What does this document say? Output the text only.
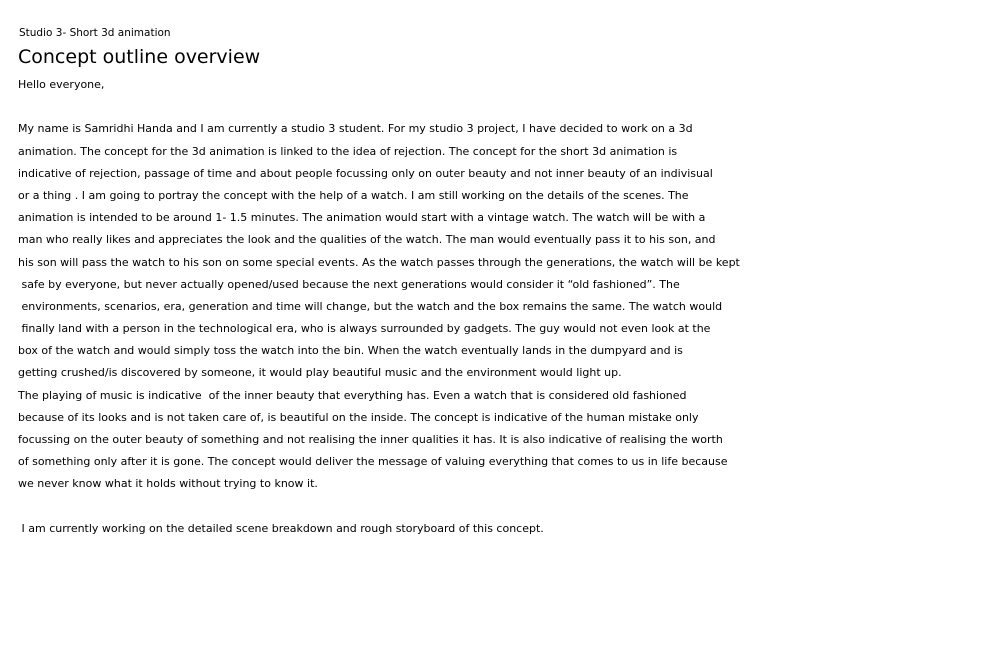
Studio 3- Short 3d animation
Concept outline overview
Hello everyone,
My name is Samridhi Handa and I am currently a studio 3 student. For my studio 3 project, I have decided to work on a 3d
animation. The concept for the 3d animation is linked to the idea of rejection. The concept for the short 3d animation is
indicative of rejection, passage of time and about people focussing only on outer beauty and not inner beauty of an indivisual
or a thing . I am going to portray the concept with the help of a watch. I am still working on the details of the scenes. The
animation is intended to be around 1- 1.5 minutes. The animation would start with a vintage watch. The watch will be with a
man who really likes and appreciates the look and the qualities of the watch. The man would eventually pass it to his son, and
his son will pass the watch to his son on some special events. As the watch passes through the generations, the watch will be kept
safe by everyone, but never actually opened/used because the next generations would consider it “old fashioned”. The
environments, scenarios, era, generation and time will change, but the watch and the box remains the same. The watch would
finally land with a person in the technological era, who is always surrounded by gadgets. The guy would not even look at the
box of the watch and would simply toss the watch into the bin. When the watch eventually lands in the dumpyard and is
getting crushed/is discovered by someone, it would play beautiful music and the environment would light up.
The playing of music is indicative  of the inner beauty that everything has. Even a watch that is considered old fashioned
because of its looks and is not taken care of, is beautiful on the inside. The concept is indicative of the human mistake only
focussing on the outer beauty of something and not realising the inner qualities it has. It is also indicative of realising the worth
of something only after it is gone. The concept would deliver the message of valuing everything that comes to us in life because
we never know what it holds without trying to know it.
I am currently working on the detailed scene breakdown and rough storyboard of this concept.
